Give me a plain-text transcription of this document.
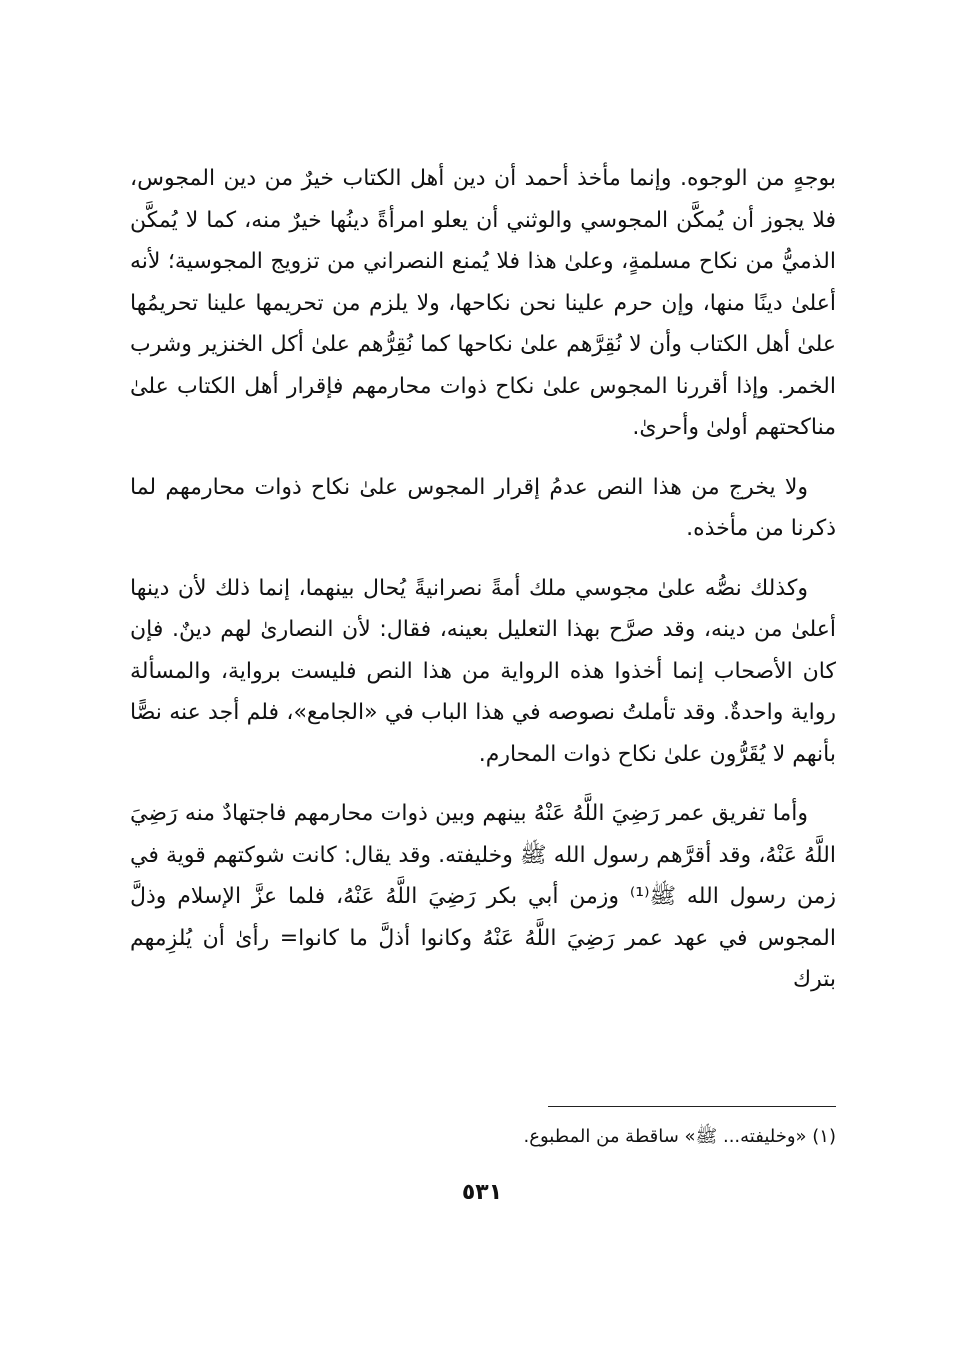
بوجهٍ من الوجوه. وإنما مأخذ أحمد أن دين أهل الكتاب خيرٌ من دين المجوس، فلا يجوز أن يُمكَّن المجوسي والوثني أن يعلو امرأةً دينُها خيرٌ منه، كما لا يُمكَّن الذميُّ من نكاح مسلمةٍ، وعلىٰ هذا فلا يُمنع النصراني من تزويج المجوسية؛ لأنه أعلىٰ دينًا منها، وإن حرم علينا نحن نكاحها، ولا يلزم من تحريمها علينا تحريمُها علىٰ أهل الكتاب وأن لا نُقِرَّهم علىٰ نكاحها كما نُقِرُّهم علىٰ أكل الخنزير وشرب الخمر. وإذا أقررنا المجوس علىٰ نكاح ذوات محارمهم فإقرار أهل الكتاب علىٰ مناكحتهم أولىٰ وأحرىٰ.

ولا يخرج من هذا النص عدمُ إقرار المجوس علىٰ نكاح ذوات محارمهم لما ذكرنا من مأخذه.

وكذلك نصُّه علىٰ مجوسي ملك أمةً نصرانيةً يُحال بينهما، إنما ذلك لأن دينها أعلىٰ من دينه، وقد صرَّح بهذا التعليل بعينه، فقال: لأن النصارىٰ لهم دينٌ. فإن كان الأصحاب إنما أخذوا هذه الرواية من هذا النص فليست برواية، والمسألة رواية واحدةٌ. وقد تأملتُ نصوصه في هذا الباب في «الجامع»، فلم أجد عنه نصًّا بأنهم لا يُقَرُّون علىٰ نكاح ذوات المحارم.

وأما تفريق عمر رَضِيَ اللَّهُ عَنْهُ بينهم وبين ذوات محارمهم فاجتهادٌ منه رَضِيَ اللَّهُ عَنْهُ، وقد أقرَّهم رسول الله ﷺ وخليفته. وقد يقال: كانت شوكتهم قوية في زمن رسول الله ﷺ⁽¹⁾ وزمن أبي بكر رَضِيَ اللَّهُ عَنْهُ، فلما عزَّ الإسلام وذلَّ المجوس في عهد عمر رَضِيَ اللَّهُ عَنْهُ وكانوا أذلَّ ما كانوا= رأىٰ أن يُلزِمهم بترك

(١) «وخليفته... ﷺ» ساقطة من المطبوع.
٥٣١
